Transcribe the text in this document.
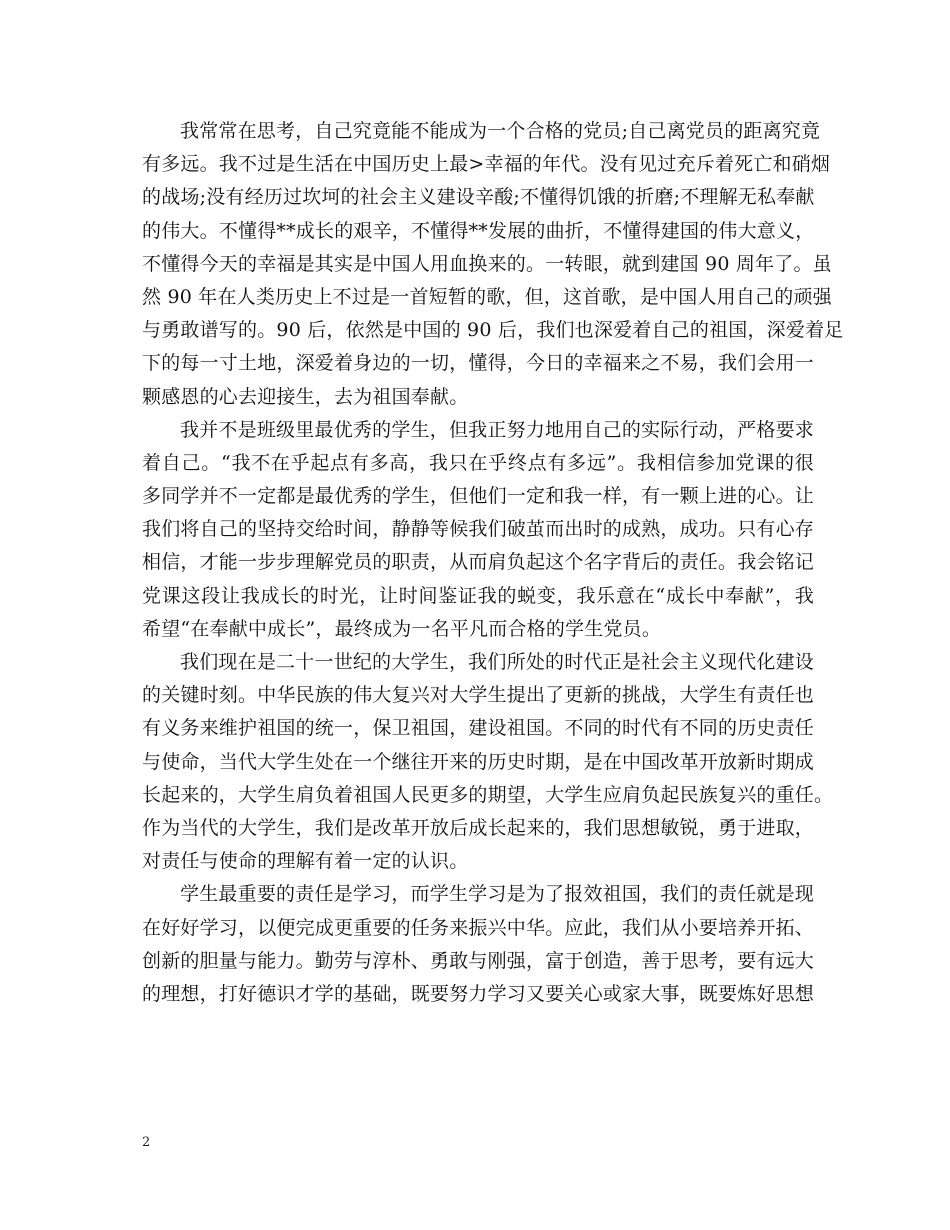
我常常在思考，自己究竟能不能成为一个合格的党员;自己离党员的距离究竟
有多远。我不过是生活在中国历史上最>幸福的年代。没有见过充斥着死亡和硝烟
的战场;没有经历过坎坷的社会主义建设辛酸;不懂得饥饿的折磨;不理解无私奉献
的伟大。不懂得**成长的艰辛，不懂得**发展的曲折，不懂得建国的伟大意义，
不懂得今天的幸福是其实是中国人用血换来的。一转眼，就到建国 90 周年了。虽
然 90 年在人类历史上不过是一首短暂的歌，但，这首歌，是中国人用自己的顽强
与勇敢谱写的。90 后，依然是中国的 90 后，我们也深爱着自己的祖国，深爱着足
下的每一寸土地，深爱着身边的一切，懂得，今日的幸福来之不易，我们会用一
颗感恩的心去迎接生，去为祖国奉献。
我并不是班级里最优秀的学生，但我正努力地用自己的实际行动，严格要求
着自己。“我不在乎起点有多高，我只在乎终点有多远”。我相信参加党课的很
多同学并不一定都是最优秀的学生，但他们一定和我一样，有一颗上进的心。让
我们将自己的坚持交给时间，静静等候我们破茧而出时的成熟，成功。只有心存
相信，才能一步步理解党员的职责，从而肩负起这个名字背后的责任。我会铭记
党课这段让我成长的时光，让时间鉴证我的蜕变，我乐意在“成长中奉献”，我
希望“在奉献中成长”，最终成为一名平凡而合格的学生党员。
我们现在是二十一世纪的大学生，我们所处的时代正是社会主义现代化建设
的关键时刻。中华民族的伟大复兴对大学生提出了更新的挑战，大学生有责任也
有义务来维护祖国的统一，保卫祖国，建设祖国。不同的时代有不同的历史责任
与使命，当代大学生处在一个继往开来的历史时期，是在中国改革开放新时期成
长起来的，大学生肩负着祖国人民更多的期望，大学生应肩负起民族复兴的重任。
作为当代的大学生，我们是改革开放后成长起来的，我们思想敏锐，勇于进取，
对责任与使命的理解有着一定的认识。
学生最重要的责任是学习，而学生学习是为了报效祖国，我们的责任就是现
在好好学习，以便完成更重要的任务来振兴中华。应此，我们从小要培养开拓、
创新的胆量与能力。勤劳与淳朴、勇敢与刚强，富于创造，善于思考，要有远大
的理想，打好德识才学的基础，既要努力学习又要关心或家大事，既要炼好思想
2
